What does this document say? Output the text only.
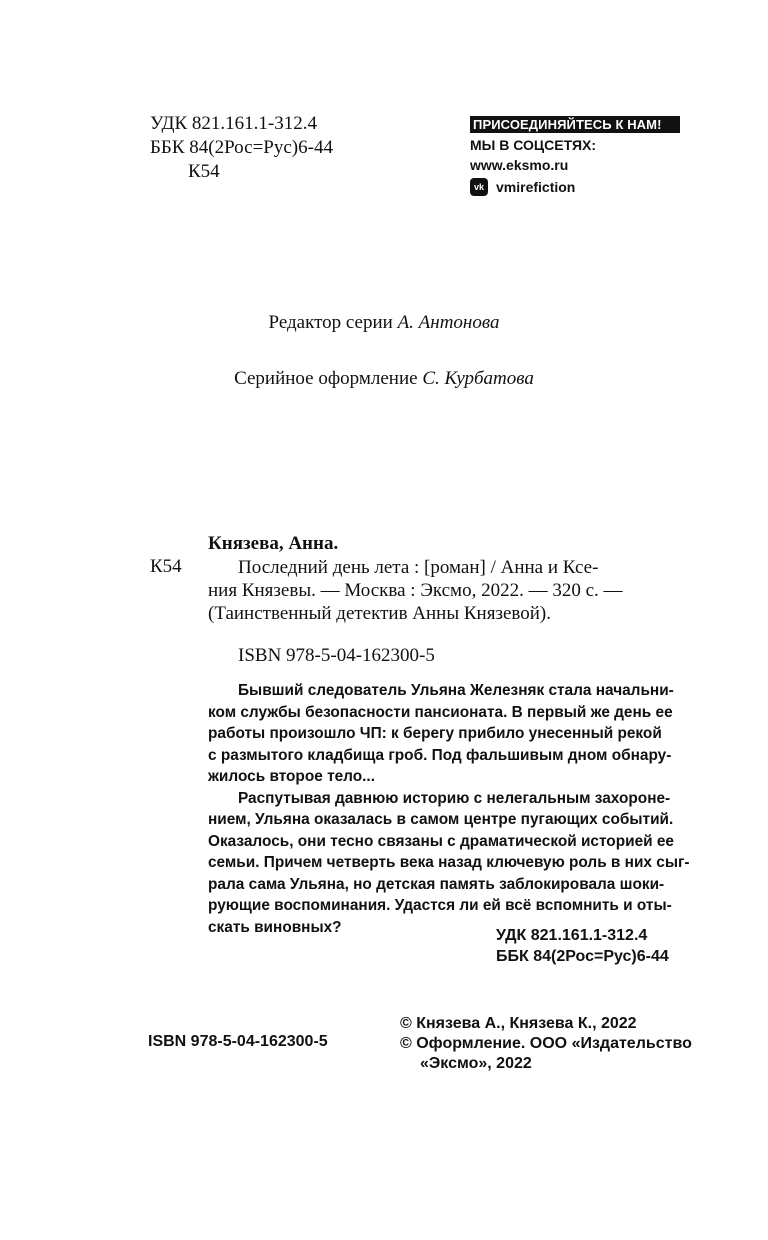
УДК 821.161.1-312.4
ББК 84(2Рос=Рус)6-44
К54
ПРИСОЕДИНЯЙТЕСЬ К НАМ!
МЫ В СОЦСЕТЯХ:
www.eksmo.ru
vk vmirefiction
Редактор серии А. Антонова
Серийное оформление С. Курбатова
Князева, Анна.
К54	Последний день лета : [роман] / Анна и Ксе-
ния Князевы. — Москва : Эксмо, 2022. — 320 с. —
(Таинственный детектив Анны Князевой).
ISBN 978-5-04-162300-5
Бывший следователь Ульяна Железняк стала начальни-
ком службы безопасности пансионата. В первый же день ее
работы произошло ЧП: к берегу прибило унесенный рекой
с размытого кладбища гроб. Под фальшивым дном обнару-
жилось второе тело...
Распутывая давнюю историю с нелегальным захороне-
нием, Ульяна оказалась в самом центре пугающих событий.
Оказалось, они тесно связаны с драматической историей ее
семьи. Причем четверть века назад ключевую роль в них сыг-
рала сама Ульяна, но детская память заблокировала шоки-
рующие воспоминания. Удастся ли ей всё вспомнить и оты-
скать виновных?	УДК 821.161.1-312.4
ББК 84(2Рос=Рус)6-44
© Князева А., Князева К., 2022
© Оформление. ООО «Издательство
«Эксмо», 2022
ISBN 978-5-04-162300-5
